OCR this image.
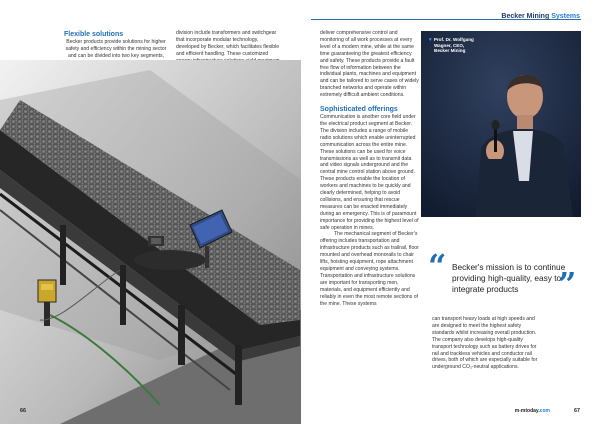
Flexible solutions

Becker products provide solutions for higher safety and efficiency within the mining sector and can be divided into two key segments,

division include transformers and switchgear that incorporate modular technology, developed by Becker, which facilitates flexible and efficient handling. These customized

66
Becker Mining Systems

deliver comprehensive control and monitoring of all work processes at every level of a modern mine, while at the same time guaranteeing the greatest efficiency and safety. These products provide a fault free flow of information between the individual plants, machines and equipment and can be tailored to serve cases of widely branched networks and operate within extremely difficult ambient conditions.

Sophisticated offerings

Communication is another core field under the electrical product segment at Becker. The division includes a range of mobile radio solutions which enable uninterrupted communication across the entire mine. These solutions can be used for voice transmissions as well as to transmit data and video signals underground and the central mine control station above ground. These products enable the location of workers and machines to be quickly and clearly determined, helping to avoid collisions, and ensuring that rescue measures can be enacted immediately during an emergency. This is of paramount importance for providing the highest level of safe operation in mines.

The mechanical segment of Becker's offering includes transportation and infrastructure products such as trailrail, floor mounted and overhead monorails to chair lifts, hoisting equipment, rope attachment equipment and conveying systems. Transportation and infrastructure solutions are important for transporting men, materials, and equipment efficiently and reliably in even the most remote sections of the mine. These systems

▼ Prof. Dr. Wolfgang
Wagner, CEO,
Becker Mining
“ Becker's mission is to continue providing high-quality, easy to integrate products	”

can transport heavy loads at high speeds and are designed to meet the highest safety standards whilst increasing overall production. The company also develops high-quality transport technology such as battery drives for rail and trackless vehicles and conductor rail drives, both of which are especially suitable for underground CO₂-neutral applications.

m-mtoday.com	67
